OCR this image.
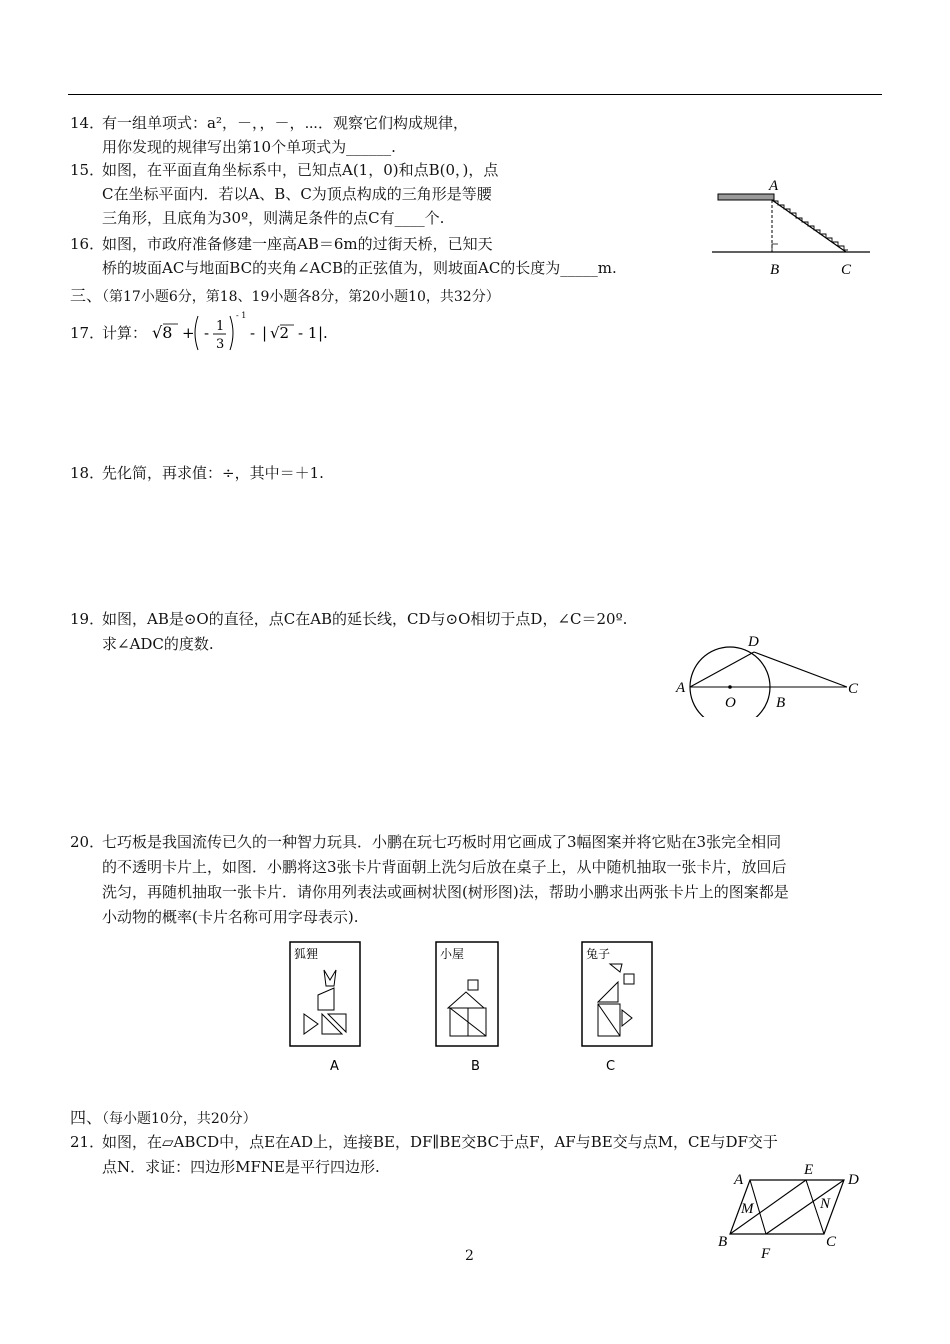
14．有一组单项式：a²，－，，－，⋯．观察它们构成规律，
用你发现的规律写出第10个单项式为______.
15．如图，在平面直角坐标系中，已知点A(1，0)和点B(0，)，点
C在坐标平面内．若以A、B、C为顶点构成的三角形是等腰
三角形，且底角为30º，则满足条件的点C有____个.
16．如图，市政府准备修建一座高AB＝6m的过街天桥，已知天
桥的坡面AC与地面BC的夹角∠ACB的正弦值为，则坡面AC的长度为_____m.
A
B	C
三、（第17小题6分，第18、19小题各8分，第20小题10，共32分）
17．计算： √8 + - 1
3
- 1
- | √2 - 1 |.
18．先化简，再求值：÷，其中＝＋1.
19．如图，AB是⊙O的直径，点C在AB的延长线，CD与⊙O相切于点D，∠C＝20º.
求∠ADC的度数.
A
O	B
C
D
20．七巧板是我国流传已久的一种智力玩具．小鹏在玩七巧板时用它画成了3幅图案并将它贴在3张完全相同
的不透明卡片上，如图．小鹏将这3张卡片背面朝上洗匀后放在桌子上，从中随机抽取一张卡片，放回后
洗匀，再随机抽取一张卡片．请你用列表法或画树状图(树形图)法，帮助小鹏求出两张卡片上的图案都是
小动物的概率(卡片名称可用字母表示).
狐狸
A
小屋
B
兔子
C
四、（每小题10分，共20分）
21．如图，在▱ABCD中，点E在AD上，连接BE，DF∥BE交BC于点F，AF与BE交与点M，CE与DF交于
点N．求证：四边形MFNE是平行四边形.
A
E
D
M	N
B
F
C
2
